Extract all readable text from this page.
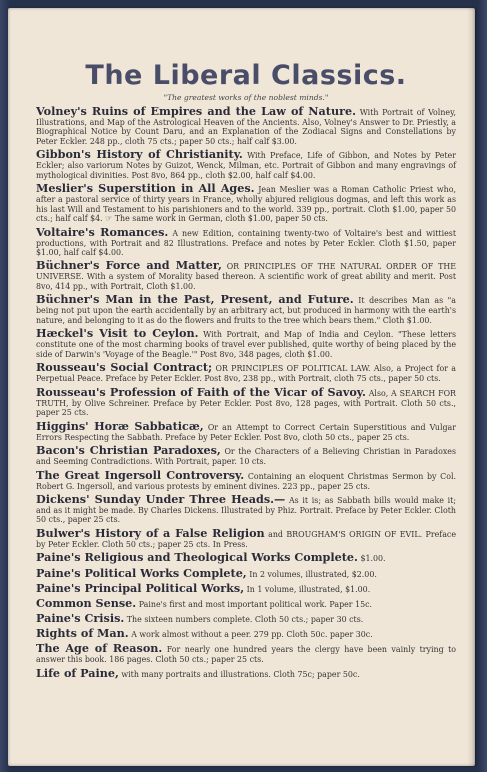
The Liberal Classics.
"The greatest works of the noblest minds."
Volney's Ruins of Empires and the Law of Nature. With Portrait of Volney, Illustrations, and Map of the Astrological Heaven of the Ancients. Also, Volney's Answer to Dr. Priestly, a Biographical Notice by Count Daru, and an Explanation of the Zodiacal Signs and Constellations by Peter Eckler. 248 pp., cloth 75 cts.; paper 50 cts.; half calf $3.00.
Gibbon's History of Christianity. With Preface, Life of Gibbon, and Notes by Peter Eckler; also variorum Notes by Guizot, Wenck, Milman, etc. Portrait of Gibbon and many engravings of mythological divinities. Post 8vo, 864 pp., cloth $2.00, half calf $4.00.
Meslier's Superstition in All Ages. Jean Meslier was a Roman Catholic Priest who, after a pastoral service of thirty years in France, wholly abjured religious dogmas, and left this work as his last Will and Testament to his parishioners and to the world. 339 pp., portrait. Cloth $1.00, paper 50 cts.; half calf $4. ☞ The same work in German, cloth $1.00, paper 50 cts.
Voltaire's Romances. A new Edition, containing twenty-two of Voltaire's best and wittiest productions, with Portrait and 82 Illustrations. Preface and notes by Peter Eckler. Cloth $1.50, paper $1.00, half calf $4.00.
Büchner's Force and Matter, OR PRINCIPLES OF THE NATURAL ORDER OF THE UNIVERSE. With a system of Morality based thereon. A scientific work of great ability and merit. Post 8vo, 414 pp., with Portrait, Cloth $1.00.
Büchner's Man in the Past, Present, and Future. It describes Man as "a being not put upon the earth accidentally by an arbitrary act, but produced in harmony with the earth's nature, and belonging to it as do the flowers and fruits to the tree which bears them." Cloth $1.00.
Hæckel's Visit to Ceylon. With Portrait, and Map of India and Ceylon. "These letters constitute one of the most charming books of travel ever published, quite worthy of being placed by the side of Darwin's 'Voyage of the Beagle.'" Post 8vo, 348 pages, cloth $1.00.
Rousseau's Social Contract; OR PRINCIPLES OF POLITICAL LAW. Also, a Project for a Perpetual Peace. Preface by Peter Eckler. Post 8vo, 238 pp., with Portrait, cloth 75 cts., paper 50 cts.
Rousseau's Profession of Faith of the Vicar of Savoy. Also, A SEARCH FOR TRUTH, by Olive Schreiner. Preface by Peter Eckler. Post 8vo, 128 pages, with Portrait. Cloth 50 cts., paper 25 cts.
Higgins' Horæ Sabbaticæ, Or an Attempt to Correct Certain Superstitious and Vulgar Errors Respecting the Sabbath. Preface by Peter Eckler. Post 8vo, cloth 50 cts., paper 25 cts.
Bacon's Christian Paradoxes, Or the Characters of a Believing Christian in Paradoxes and Seeming Contradictions. With Portrait, paper. 10 cts.
The Great Ingersoll Controversy. Containing an eloquent Christmas Sermon by Col. Robert G. Ingersoll, and various protests by eminent divines. 223 pp., paper 25 cts.
Dickens' Sunday Under Three Heads.— As it is; as Sabbath bills would make it; and as it might be made. By Charles Dickens. Illustrated by Phiz. Portrait. Preface by Peter Eckler. Cloth 50 cts., paper 25 cts.
Bulwer's History of a False Religion and BROUGHAM'S ORIGIN OF EVIL. Preface by Peter Eckler. Cloth 50 cts.; paper 25 cts. In Press.
Paine's Religious and Theological Works Complete. $1.00.
Paine's Political Works Complete, In 2 volumes, illustrated, $2.00.
Paine's Principal Political Works, In 1 volume, illustrated, $1.00.
Common Sense. Paine's first and most important political work. Paper 15c.
Paine's Crisis. The sixteen numbers complete. Cloth 50 cts.; paper 30 cts.
Rights of Man. A work almost without a peer. 279 pp. Cloth 50c. paper 30c.
The Age of Reason. For nearly one hundred years the clergy have been vainly trying to answer this book. 186 pages. Cloth 50 cts.; paper 25 cts.
Life of Paine, with many portraits and illustrations. Cloth 75c; paper 50c.
